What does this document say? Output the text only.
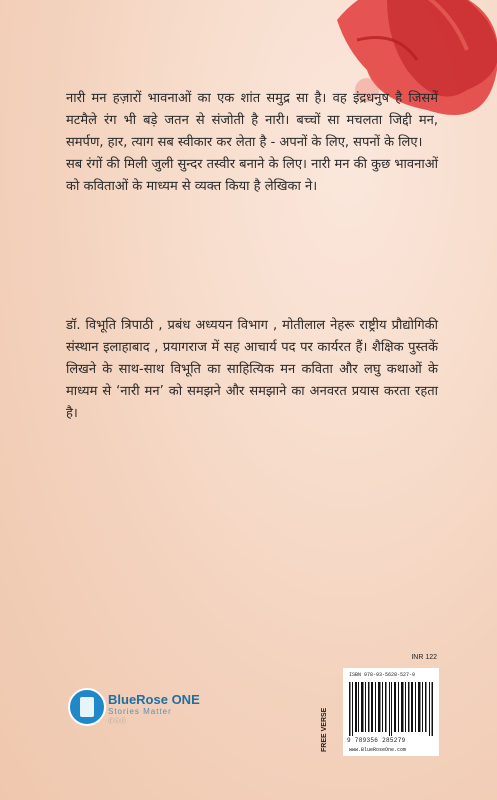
नारी मन हज़ारों भावनाओं का एक शांत समुद्र सा है। वह इंद्रधनुष है जिसमें मटमैले रंग भी बड़े जतन से संजोती है नारी। बच्चों सा मचलता जिद्दी मन, समर्पण, हार, त्याग सब स्वीकार कर लेता है - अपनों के लिए, सपनों के लिए।

सब रंगों की मिली जुली सुन्दर तस्वीर बनाने के लिए। नारी मन की कुछ भावनाओं को कविताओं के माध्यम से व्यक्त किया है लेखिका ने।

डॉ. विभूति त्रिपाठी , प्रबंध अध्ययन विभाग , मोतीलाल नेहरू राष्ट्रीय प्रौद्योगिकी संस्थान इलाहाबाद , प्रयागराज में सह आचार्य पद पर कार्यरत हैं। शैक्षिक पुस्तकें लिखने के साथ-साथ विभूति का साहित्यिक मन कविता और लघु कथाओं के माध्यम से ‘नारी मन’ को समझने और समझाने का अनवरत प्रयास करता रहता है।

BlueRose ONE
Stories Matter
ⓕⓘⓣ
INR 122
FREE VERSE
ISBN 978-93-5628-527-9
9 789356 285279
www.BlueRoseOne.com
